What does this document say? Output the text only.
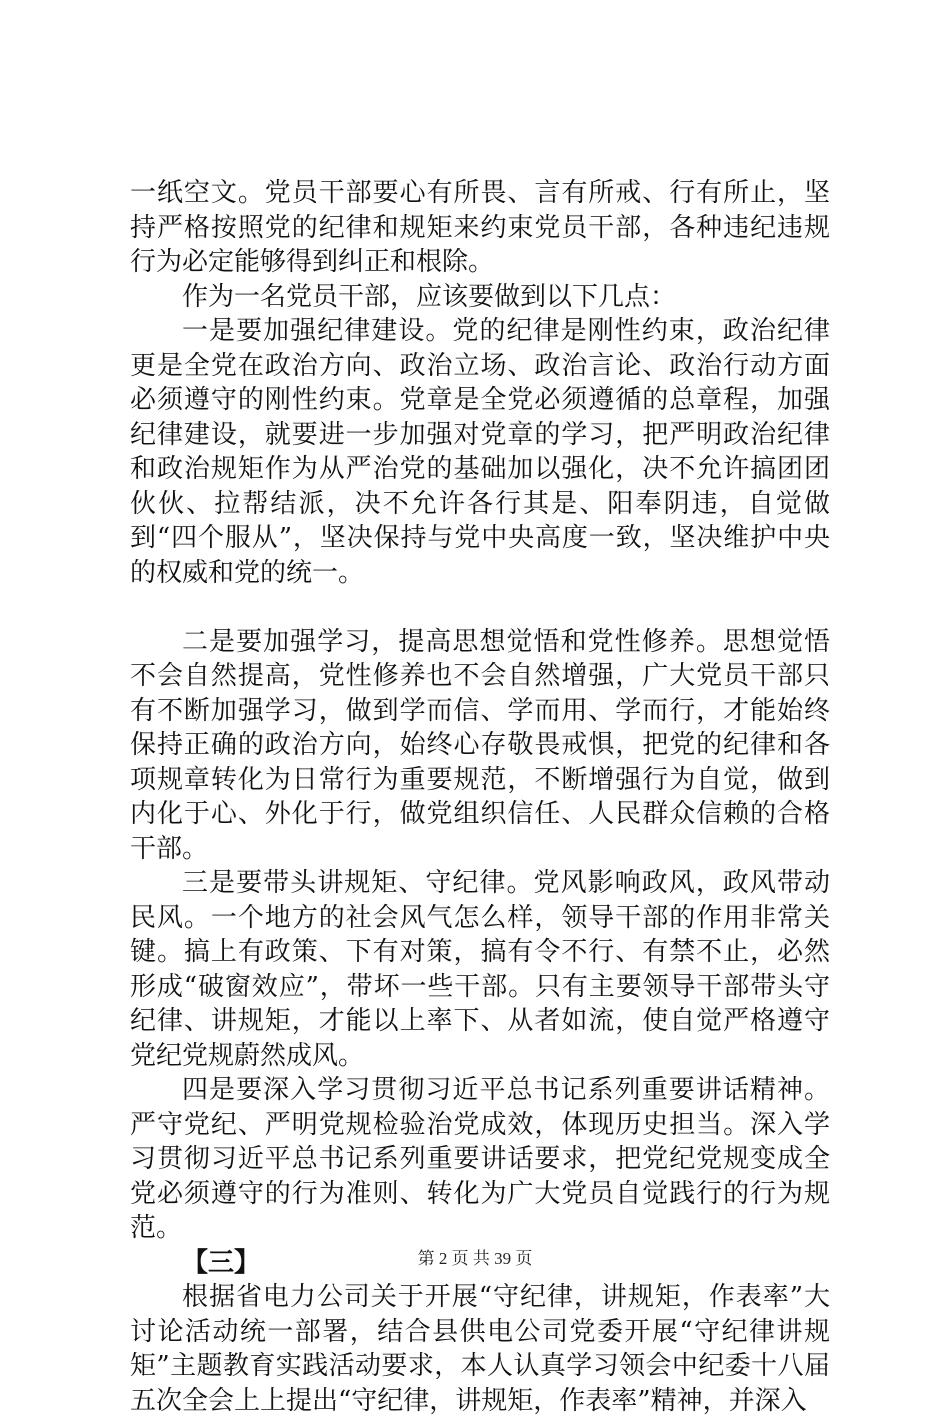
一纸空文。党员干部要心有所畏、言有所戒、行有所止，坚持严格按照党的纪律和规矩来约束党员干部，各种违纪违规行为必定能够得到纠正和根除。

作为一名党员干部，应该要做到以下几点：

一是要加强纪律建设。党的纪律是刚性约束，政治纪律更是全党在政治方向、政治立场、政治言论、政治行动方面必须遵守的刚性约束。党章是全党必须遵循的总章程，加强纪律建设，就要进一步加强对党章的学习，把严明政治纪律和政治规矩作为从严治党的基础加以强化，决不允许搞团团伙伙、拉帮结派，决不允许各行其是、阳奉阴违，自觉做到“四个服从”，坚决保持与党中央高度一致，坚决维护中央的权威和党的统一。

二是要加强学习，提高思想觉悟和党性修养。思想觉悟不会自然提高，党性修养也不会自然增强，广大党员干部只有不断加强学习，做到学而信、学而用、学而行，才能始终保持正确的政治方向，始终心存敬畏戒惧，把党的纪律和各项规章转化为日常行为重要规范，不断增强行为自觉，做到内化于心、外化于行，做党组织信任、人民群众信赖的合格干部。

三是要带头讲规矩、守纪律。党风影响政风，政风带动民风。一个地方的社会风气怎么样，领导干部的作用非常关键。搞上有政策、下有对策，搞有令不行、有禁不止，必然形成“破窗效应”，带坏一些干部。只有主要领导干部带头守纪律、讲规矩，才能以上率下、从者如流，使自觉严格遵守党纪党规蔚然成风。

四是要深入学习贯彻习近平总书记系列重要讲话精神。严守党纪、严明党规检验治党成效，体现历史担当。深入学习贯彻习近平总书记系列重要讲话要求，把党纪党规变成全党必须遵守的行为准则、转化为广大党员自觉践行的行为规范。

【三】

根据省电力公司关于开展“守纪律，讲规矩，作表率”大讨论活动统一部署，结合县供电公司党委开展“守纪律讲规矩”主题教育实践活动要求，本人认真学习领会中纪委十八届五次全会上上提出“守纪律，讲规矩，作表率”精神，并深入

第 2 页 共 39 页
